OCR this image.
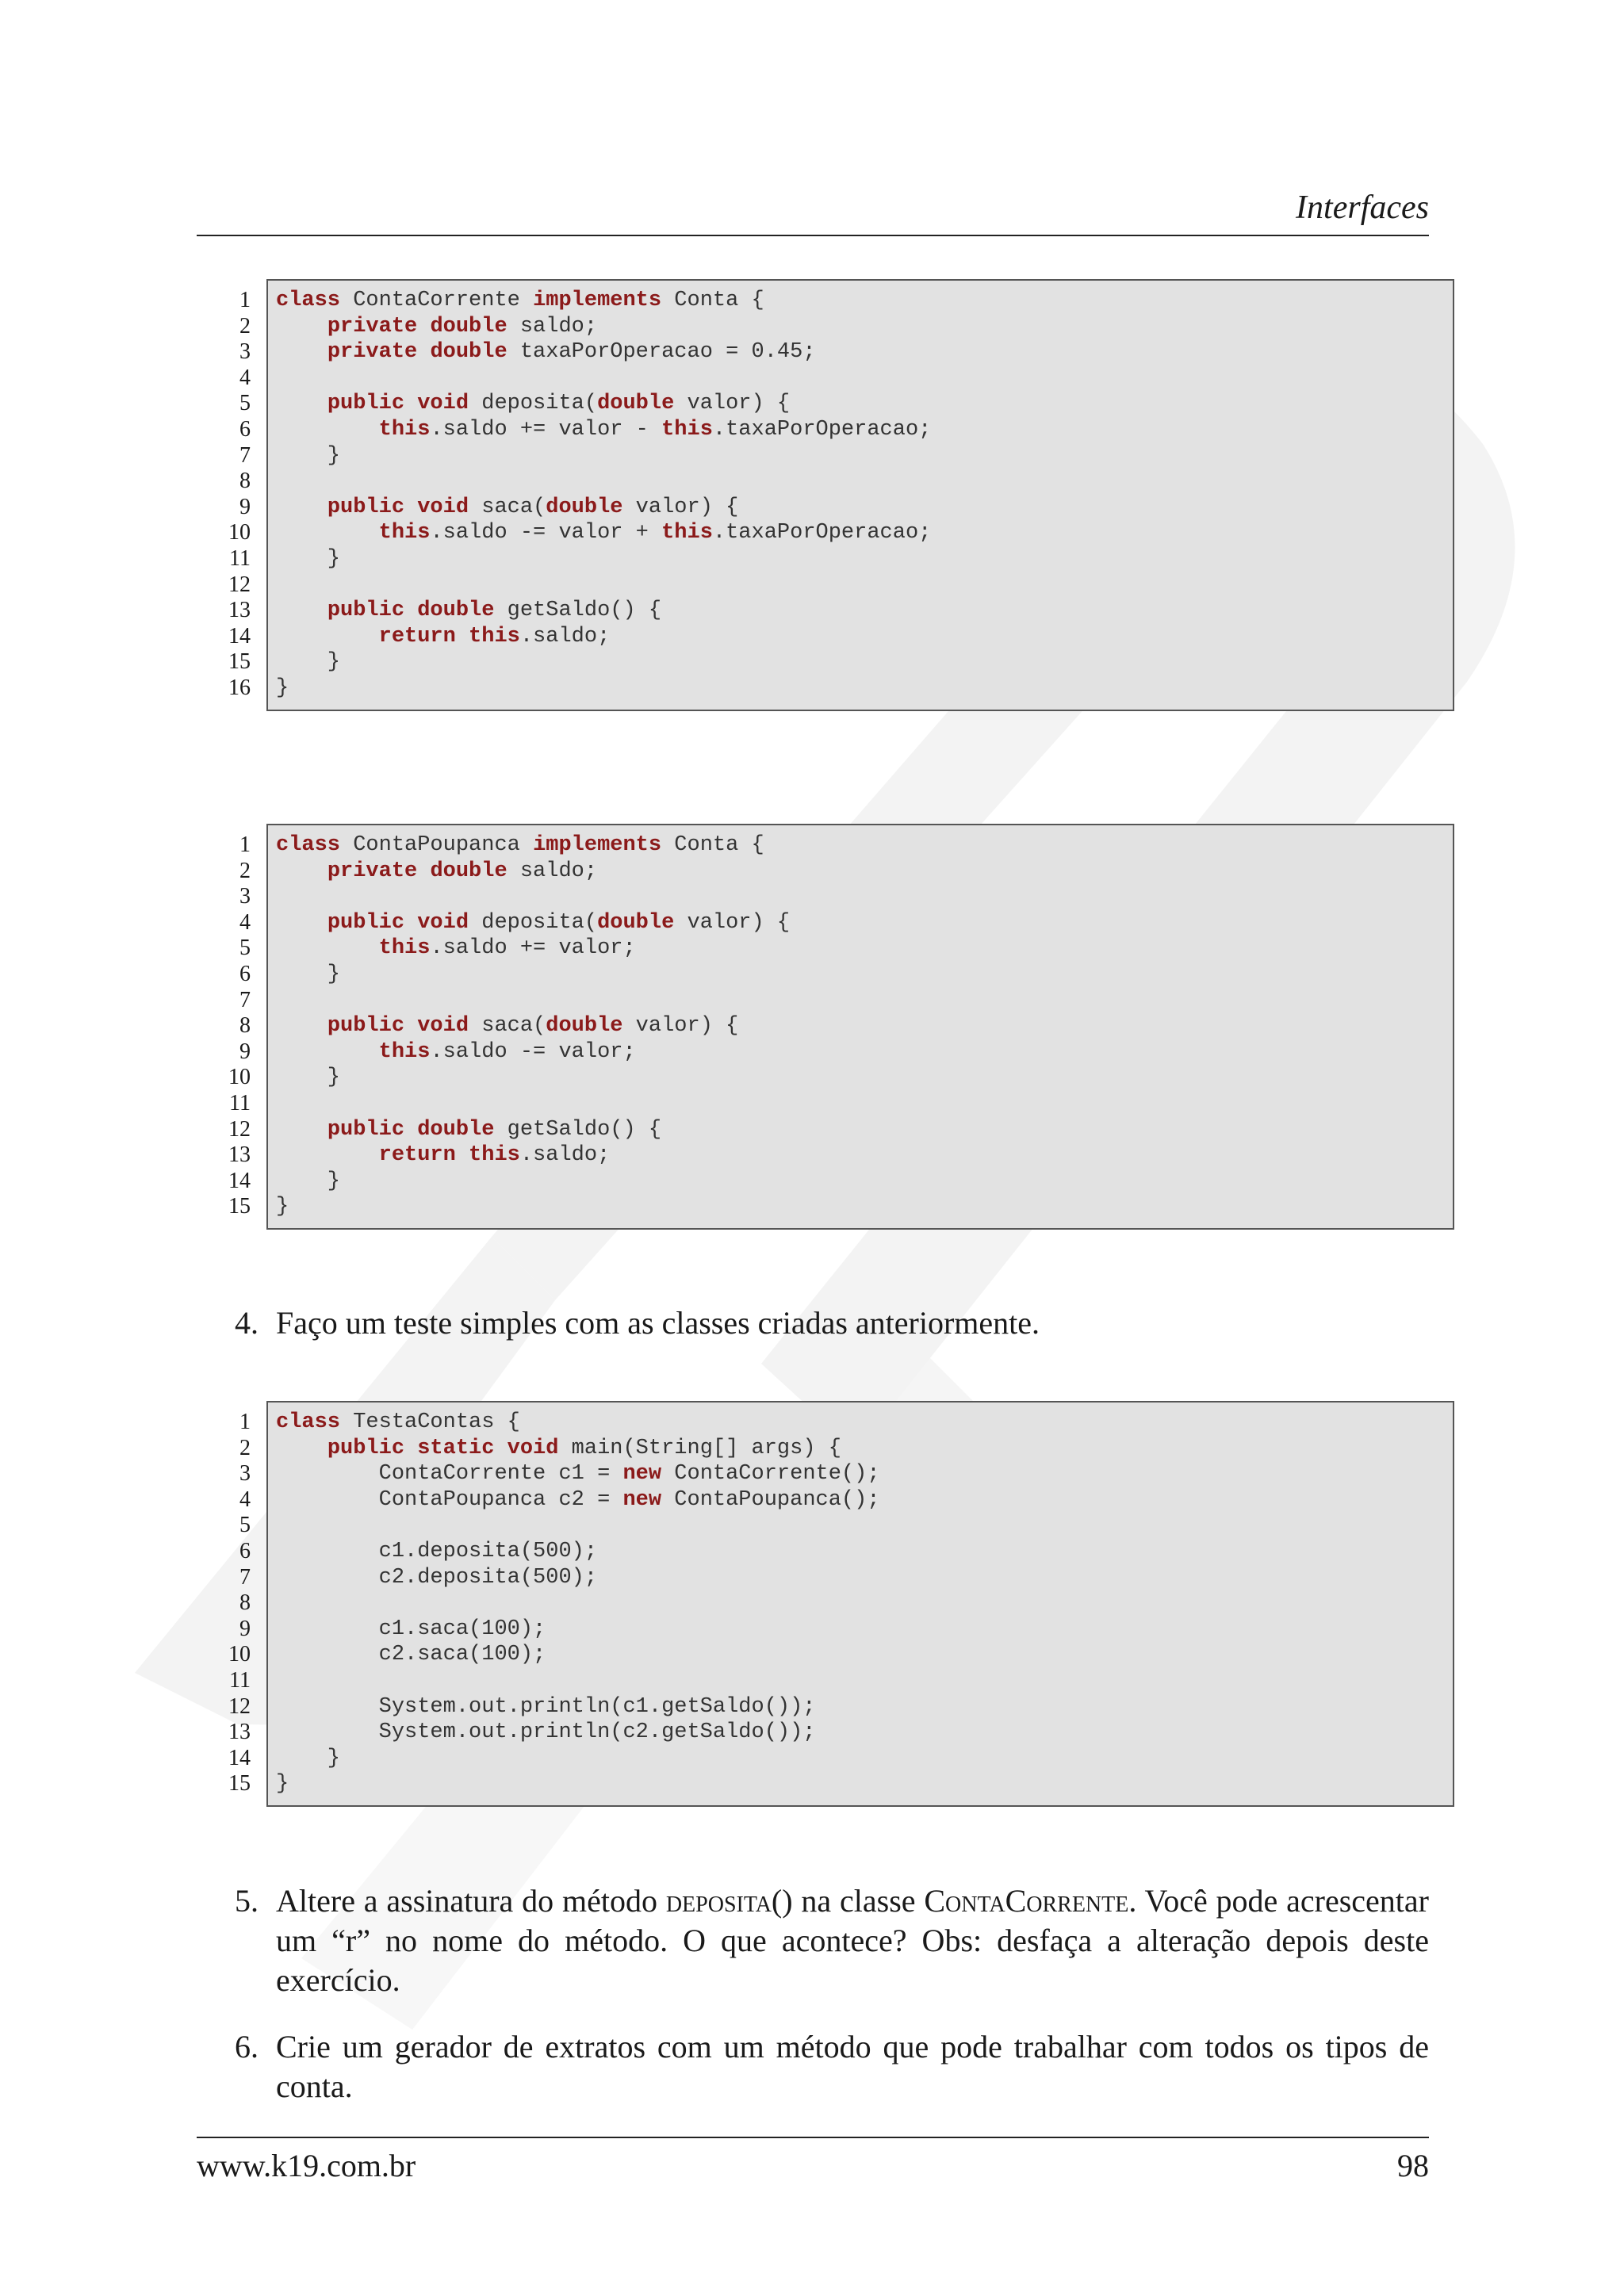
Interfaces
1
2
3
4
5
6
7
8
9
10
11
12
13
14
15
16
class ContaCorrente implements Conta {
private double saldo;
private double taxaPorOperacao = 0.45;

public void deposita(double valor) {
this.saldo += valor - this.taxaPorOperacao;
}

public void saca(double valor) {
this.saldo -= valor + this.taxaPorOperacao;
}

public double getSaldo() {
return this.saldo;
}
}
1
2
3
4
5
6
7
8
9
10
11
12
13
14
15
class ContaPoupanca implements Conta {
private double saldo;

public void deposita(double valor) {
this.saldo += valor;
}

public void saca(double valor) {
this.saldo -= valor;
}

public double getSaldo() {
return this.saldo;
}
}
4. Faço um teste simples com as classes criadas anteriormente.
1
2
3
4
5
6
7
8
9
10
11
12
13
14
15
class TestaContas {
public static void main(String[] args) {
ContaCorrente c1 = new ContaCorrente();
ContaPoupanca c2 = new ContaPoupanca();

c1.deposita(500);
c2.deposita(500);

c1.saca(100);
c2.saca(100);

System.out.println(c1.getSaldo());
System.out.println(c2.getSaldo());
}
}
5. Altere a assinatura do método deposita() na classe ContaCorrente. Você pode acrescentar um “r” no nome do método. O que acontece? Obs: desfaça a alteração depois deste exercício.
6. Crie um gerador de extratos com um método que pode trabalhar com todos os tipos de conta.
www.k19.com.br	98
